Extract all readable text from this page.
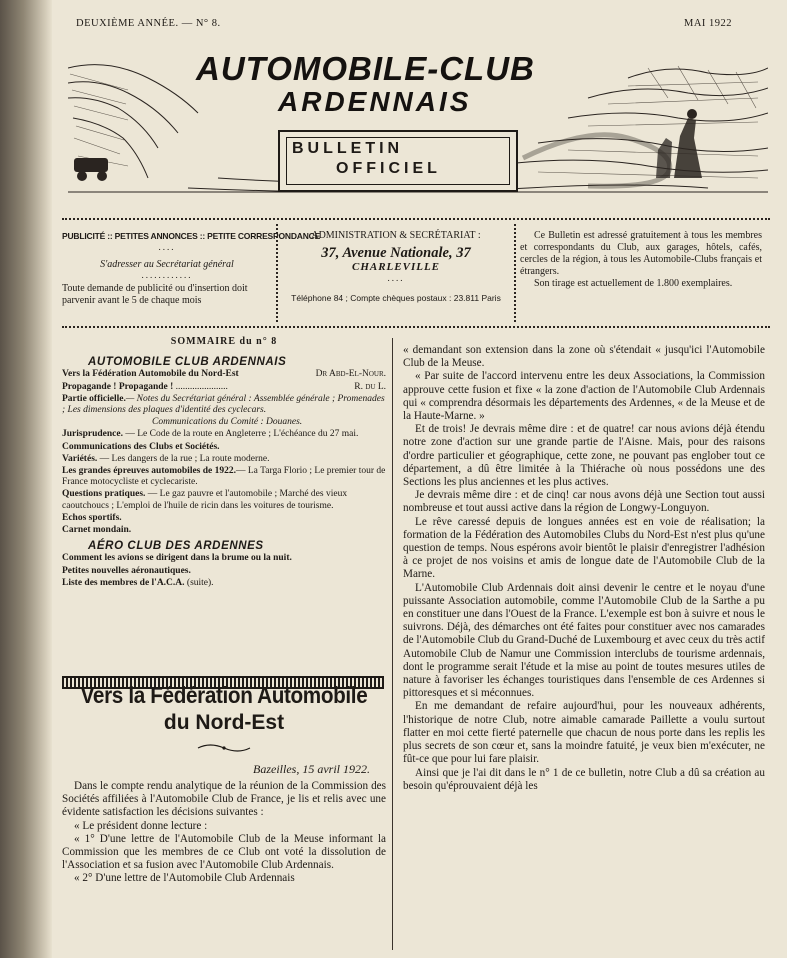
DEUXIÈME ANNÉE. — N° 8.	MAI 1922
AUTOMOBILE-CLUB
ARDENNAIS
BULLETIN
OFFICIEL
PUBLICITÉ :: PETITES ANNONCES :: PETITE CORRESPONDANCE
....
S'adresser au Secrétariat général
............
Toute demande de publicité ou d'insertion doit parvenir avant le 5 de chaque mois
ADMINISTRATION & SECRÉTARIAT :
37, Avenue Nationale, 37
CHARLEVILLE
....
Téléphone 84 ; Compte chèques postaux : 23.811 Paris
Ce Bulletin est adressé gratuitement à tous les membres et correspondants du Club, aux garages, hôtels, cafés, cercles de la région, à tous les Automobile-Clubs français et étrangers.
Son tirage est actuellement de 1.800 exemplaires.
SOMMAIRE du n° 8
AUTOMOBILE CLUB ARDENNAIS
Vers la Fédération Automobile du Nord-Est	Dr Abd-El-Nour.
Propagande ! Propagande ! ......................	R. du L.
Partie officielle.— Notes du Secrétariat général : Assemblée générale ; Promenades ; Les dimensions des plaques d'identité des cyclecars.
Communications du Comité : Douanes.
Jurisprudence. — Le Code de la route en Angleterre ; L'échéance du 27 mai.
Communications des Clubs et Sociétés.
Variétés. — Les dangers de la rue ; La route moderne.
Les grandes épreuves automobiles de 1922.— La Targa Florio ; Le premier tour de France motocycliste et cyclecariste.
Questions pratiques. — Le gaz pauvre et l'automobile ; Marché des vieux caoutchoucs ; L'emploi de l'huile de ricin dans les voitures de tourisme.
Echos sportifs.
Carnet mondain.
AÉRO CLUB DES ARDENNES
Comment les avions se dirigent dans la brume ou la nuit.
Petites nouvelles aéronautiques.
Liste des membres de l'A.C.A. (suite).
Vers la Fédération Automobile
du Nord-Est
Bazeilles, 15 avril 1922.

Dans le compte rendu analytique de la réunion de la Commission des Sociétés affiliées à l'Automobile Club de France, je lis et relis avec une évidente satisfaction les décisions suivantes :

« Le président donne lecture :

« 1° D'une lettre de l'Automobile Club de la Meuse informant la Commission que les membres de ce Club ont voté la dissolution de l'Association et sa fusion avec l'Automobile Club Ardennais.

« 2° D'une lettre de l'Automobile Club Ardennais

« demandant son extension dans la zone où s'étendait « jusqu'ici l'Automobile Club de la Meuse.

« Par suite de l'accord intervenu entre les deux Associations, la Commission approuve cette fusion et fixe « la zone d'action de l'Automobile Club Ardennais qui « comprendra désormais les départements des Ardennes, « de la Meuse et de la Haute-Marne. »

Et de trois! Je devrais même dire : et de quatre! car nous avions déjà étendu notre zone d'action sur une grande partie de l'Aisne. Mais, pour des raisons d'ordre particulier et géographique, cette zone, ne pouvant pas englober tout ce département, a dû être limitée à la Thiérache où nous possédons une des Sections les plus anciennes et les plus actives.

Je devrais même dire : et de cinq! car nous avons déjà une Section tout aussi nombreuse et tout aussi active dans la région de Longwy-Longuyon.

Le rêve caressé depuis de longues années est en voie de réalisation; la formation de la Fédération des Automobiles Clubs du Nord-Est n'est plus qu'une question de temps. Nous espérons avoir bientôt le plaisir d'enregistrer l'adhésion à ce projet de nos voisins et amis de longue date de l'Automobile Club de la Marne.

L'Automobile Club Ardennais doit ainsi devenir le centre et le noyau d'une puissante Association automobile, comme l'Automobile Club de la Sarthe a pu en constituer une dans l'Ouest de la France. L'exemple est bon à suivre et nous le suivrons. Déjà, des démarches ont été faites pour constituer avec nos camarades de l'Automobile Club du Grand-Duché de Luxembourg et avec ceux du très actif Automobile Club de Namur une Commission interclubs de tourisme ardennais, dont le programme serait l'étude et la mise au point de toutes mesures utiles de nature à favoriser les échanges touristiques dans l'ensemble de ces Ardennes si pittoresques et si méconnues.

En me demandant de refaire aujourd'hui, pour les nouveaux adhérents, l'historique de notre Club, notre aimable camarade Paillette a voulu surtout flatter en moi cette fierté paternelle que chacun de nous porte dans les replis les plus secrets de son cœur et, sans la moindre fatuité, je veux bien m'exécuter, ne fût-ce que pour lui fare plaisir.

Ainsi que je l'ai dit dans le n° 1 de ce bulletin, notre Club a dû sa création au besoin qu'éprouvaient déjà les
